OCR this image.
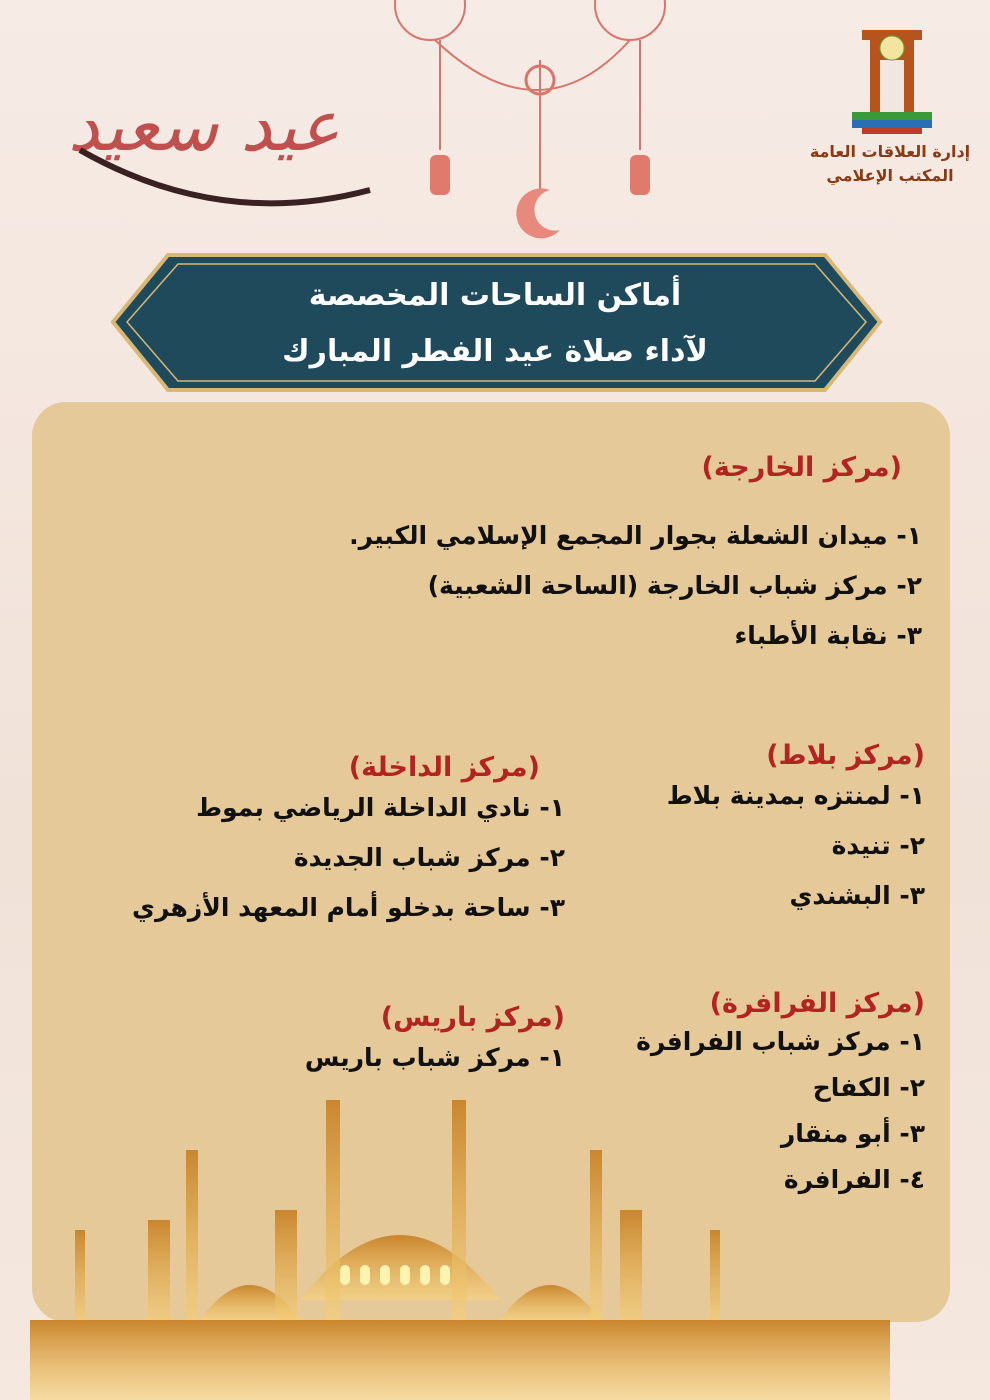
عيد سعيد	إدارة العلاقات العامة
المكتب الإعلامي
أماكن الساحات المخصصة
لآداء صلاة عيد الفطر المبارك
(مركز الخارجة)
١- ميدان الشعلة بجوار المجمع الإسلامي الكبير.
٢- مركز شباب الخارجة (الساحة الشعبية)
٣- نقابة الأطباء
(مركز بلاط)
١- لمنتزه بمدينة بلاط
٢- تنيدة
٣- البشندي
(مركز الداخلة)
١- نادي الداخلة الرياضي بموط
٢- مركز شباب الجديدة
٣- ساحة بدخلو أمام المعهد الأزهري
(مركز الفرافرة)
١- مركز شباب الفرافرة
٢- الكفاح
٣- أبو منقار
٤- الفرافرة
(مركز باريس)
١- مركز شباب باريس
